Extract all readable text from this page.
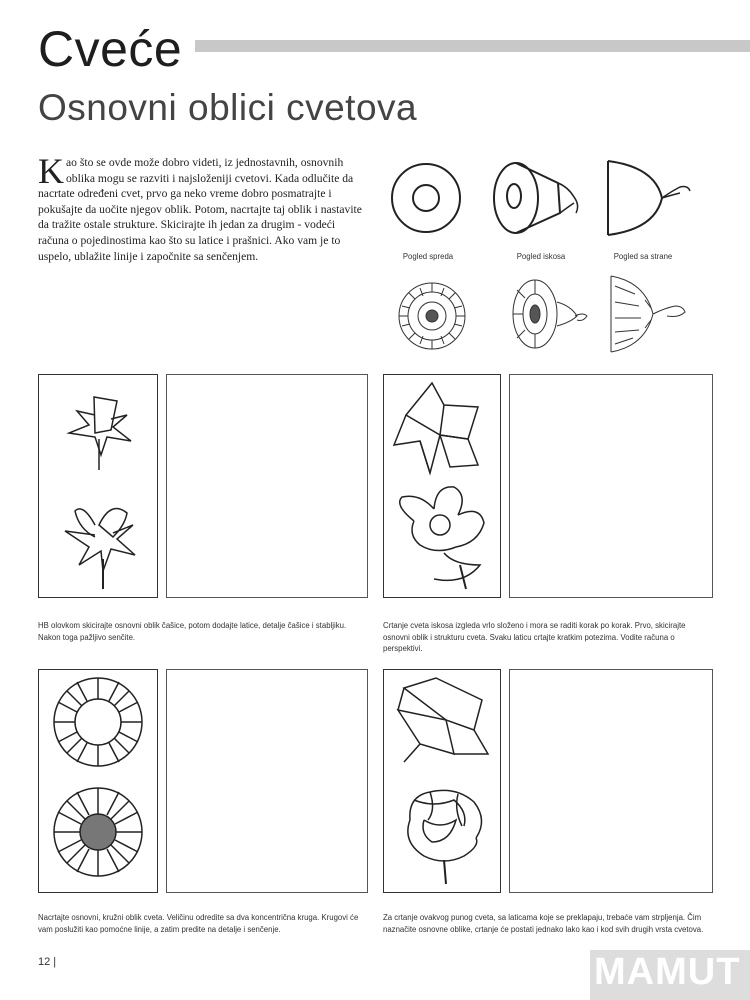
Cveće
Osnovni oblici cvetova
Kao što se ovde može dobro videti, iz jednostavnih, osnovnih oblika mogu se razviti i najsloženiji cvetovi. Kada odlučite da nacrtate određeni cvet, prvo ga neko vreme dobro posmatrajte i pokušajte da uočite njegov oblik. Potom, nacrtajte taj oblik i nastavite da tražite ostale strukture. Skicirajte ih jedan za drugim - vodeći računa o pojedinostima kao što su latice i prašnici. Ako vam je to uspelo, ublažite linije i započnite sa senčenjem.	Pogled spreda	Pogled iskosa	Pogled sa strane
HB olovkom skicirajte osnovni oblik čašice, potom dodajte latice, detalje čašice i stabljiku. Nakon toga pažljivo senčite.
Crtanje cveta iskosa izgleda vrlo složeno i mora se raditi korak po korak. Prvo, skicirajte osnovni oblik i strukturu cveta. Svaku laticu crtajte kratkim potezima. Vodite računa o perspektivi.
Nacrtajte osnovni, kružni oblik cveta. Veličinu odredite sa dva koncentrična kruga. Krugovi će vam poslužiti kao pomoćne linije, a zatim predite na detalje i senčenje.
Za crtanje ovakvog punog cveta, sa laticama koje se preklapaju, trebaće vam strpljenja. Čim naznačite osnovne oblike, crtanje će postati jednako lako kao i kod svih drugih vrsta cvetova.
12 |	MAMUT
